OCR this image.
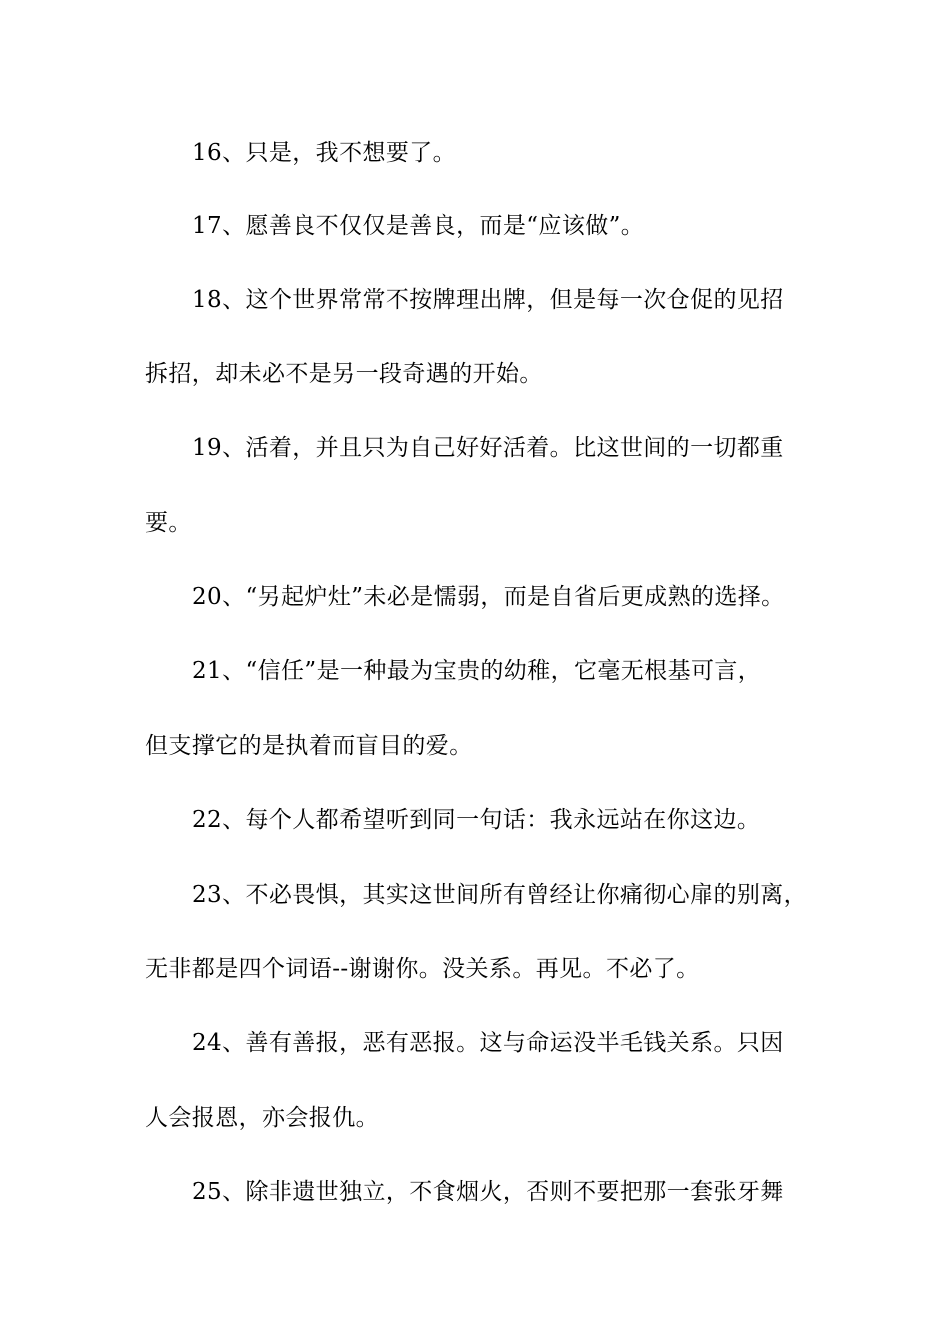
16、只是，我不想要了。
17、愿善良不仅仅是善良，而是“应该做”。
18、这个世界常常不按牌理出牌，但是每一次仓促的见招
拆招，却未必不是另一段奇遇的开始。
19、活着，并且只为自己好好活着。比这世间的一切都重
要。
20、“另起炉灶”未必是懦弱，而是自省后更成熟的选择。
21、“信任”是一种最为宝贵的幼稚，它毫无根基可言，
但支撑它的是执着而盲目的爱。
22、每个人都希望听到同一句话：我永远站在你这边。
23、不必畏惧，其实这世间所有曾经让你痛彻心扉的别离，
无非都是四个词语--谢谢你。没关系。再见。不必了。
24、善有善报，恶有恶报。这与命运没半毛钱关系。只因
人会报恩，亦会报仇。
25、除非遗世独立，不食烟火，否则不要把那一套张牙舞
